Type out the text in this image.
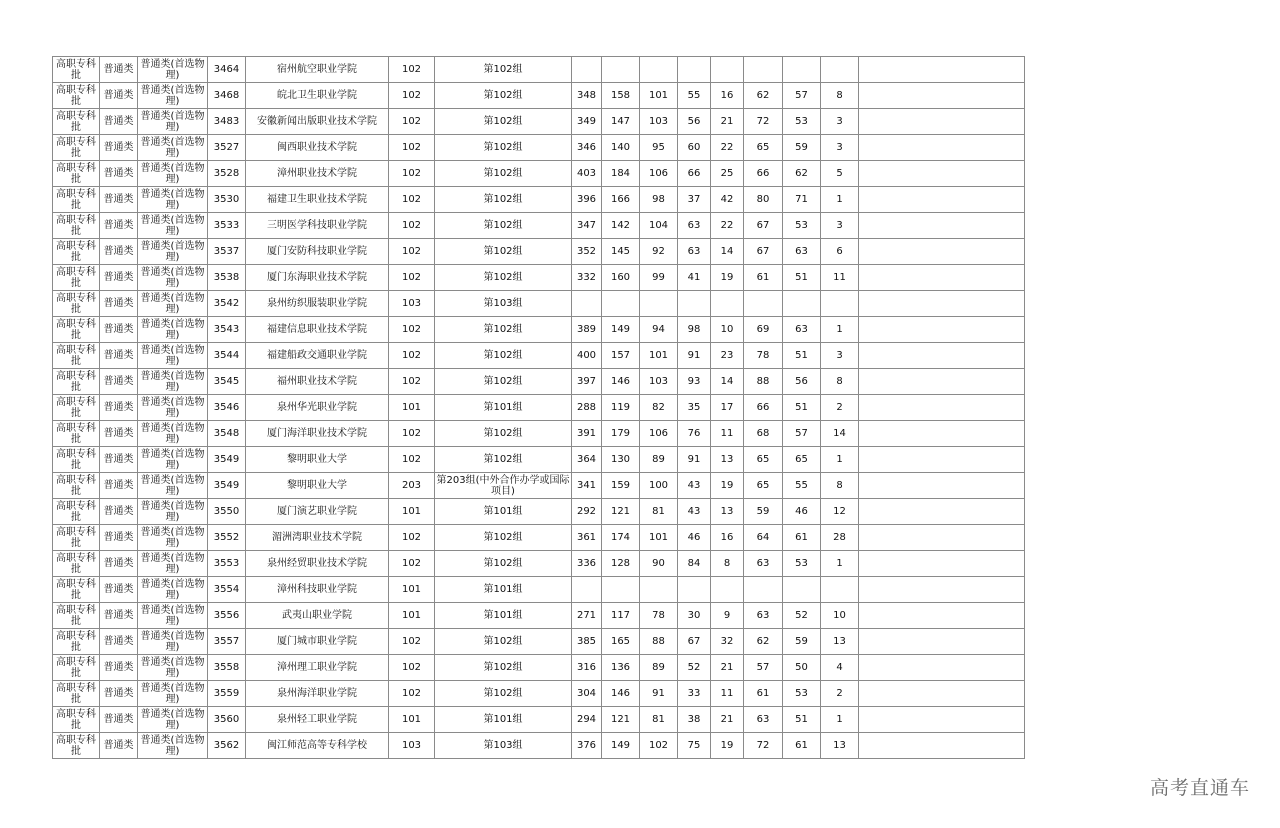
高职专科批	普通类	普通类(首选物理)	3464	宿州航空职业学院	102	第102组									
高职专科批	普通类	普通类(首选物理)	3468	皖北卫生职业学院	102	第102组	348	158	101	55	16	62	57	8	
高职专科批	普通类	普通类(首选物理)	3483	安徽新闻出版职业技术学院	102	第102组	349	147	103	56	21	72	53	3	
高职专科批	普通类	普通类(首选物理)	3527	闽西职业技术学院	102	第102组	346	140	95	60	22	65	59	3	
高职专科批	普通类	普通类(首选物理)	3528	漳州职业技术学院	102	第102组	403	184	106	66	25	66	62	5	
高职专科批	普通类	普通类(首选物理)	3530	福建卫生职业技术学院	102	第102组	396	166	98	37	42	80	71	1	
高职专科批	普通类	普通类(首选物理)	3533	三明医学科技职业学院	102	第102组	347	142	104	63	22	67	53	3	
高职专科批	普通类	普通类(首选物理)	3537	厦门安防科技职业学院	102	第102组	352	145	92	63	14	67	63	6	
高职专科批	普通类	普通类(首选物理)	3538	厦门东海职业技术学院	102	第102组	332	160	99	41	19	61	51	11	
高职专科批	普通类	普通类(首选物理)	3542	泉州纺织服装职业学院	103	第103组									
高职专科批	普通类	普通类(首选物理)	3543	福建信息职业技术学院	102	第102组	389	149	94	98	10	69	63	1	
高职专科批	普通类	普通类(首选物理)	3544	福建船政交通职业学院	102	第102组	400	157	101	91	23	78	51	3	
高职专科批	普通类	普通类(首选物理)	3545	福州职业技术学院	102	第102组	397	146	103	93	14	88	56	8	
高职专科批	普通类	普通类(首选物理)	3546	泉州华光职业学院	101	第101组	288	119	82	35	17	66	51	2	
高职专科批	普通类	普通类(首选物理)	3548	厦门海洋职业技术学院	102	第102组	391	179	106	76	11	68	57	14	
高职专科批	普通类	普通类(首选物理)	3549	黎明职业大学	102	第102组	364	130	89	91	13	65	65	1	
高职专科批	普通类	普通类(首选物理)	3549	黎明职业大学	203	第203组(中外合作办学或国际项目)	341	159	100	43	19	65	55	8	
高职专科批	普通类	普通类(首选物理)	3550	厦门演艺职业学院	101	第101组	292	121	81	43	13	59	46	12	
高职专科批	普通类	普通类(首选物理)	3552	湄洲湾职业技术学院	102	第102组	361	174	101	46	16	64	61	28	
高职专科批	普通类	普通类(首选物理)	3553	泉州经贸职业技术学院	102	第102组	336	128	90	84	8	63	53	1	
高职专科批	普通类	普通类(首选物理)	3554	漳州科技职业学院	101	第101组									
高职专科批	普通类	普通类(首选物理)	3556	武夷山职业学院	101	第101组	271	117	78	30	9	63	52	10	
高职专科批	普通类	普通类(首选物理)	3557	厦门城市职业学院	102	第102组	385	165	88	67	32	62	59	13	
高职专科批	普通类	普通类(首选物理)	3558	漳州理工职业学院	102	第102组	316	136	89	52	21	57	50	4	
高职专科批	普通类	普通类(首选物理)	3559	泉州海洋职业学院	102	第102组	304	146	91	33	11	61	53	2	
高职专科批	普通类	普通类(首选物理)	3560	泉州轻工职业学院	101	第101组	294	121	81	38	21	63	51	1	
高职专科批	普通类	普通类(首选物理)	3562	闽江师范高等专科学校	103	第103组	376	149	102	75	19	72	61	13	
高考直通车
